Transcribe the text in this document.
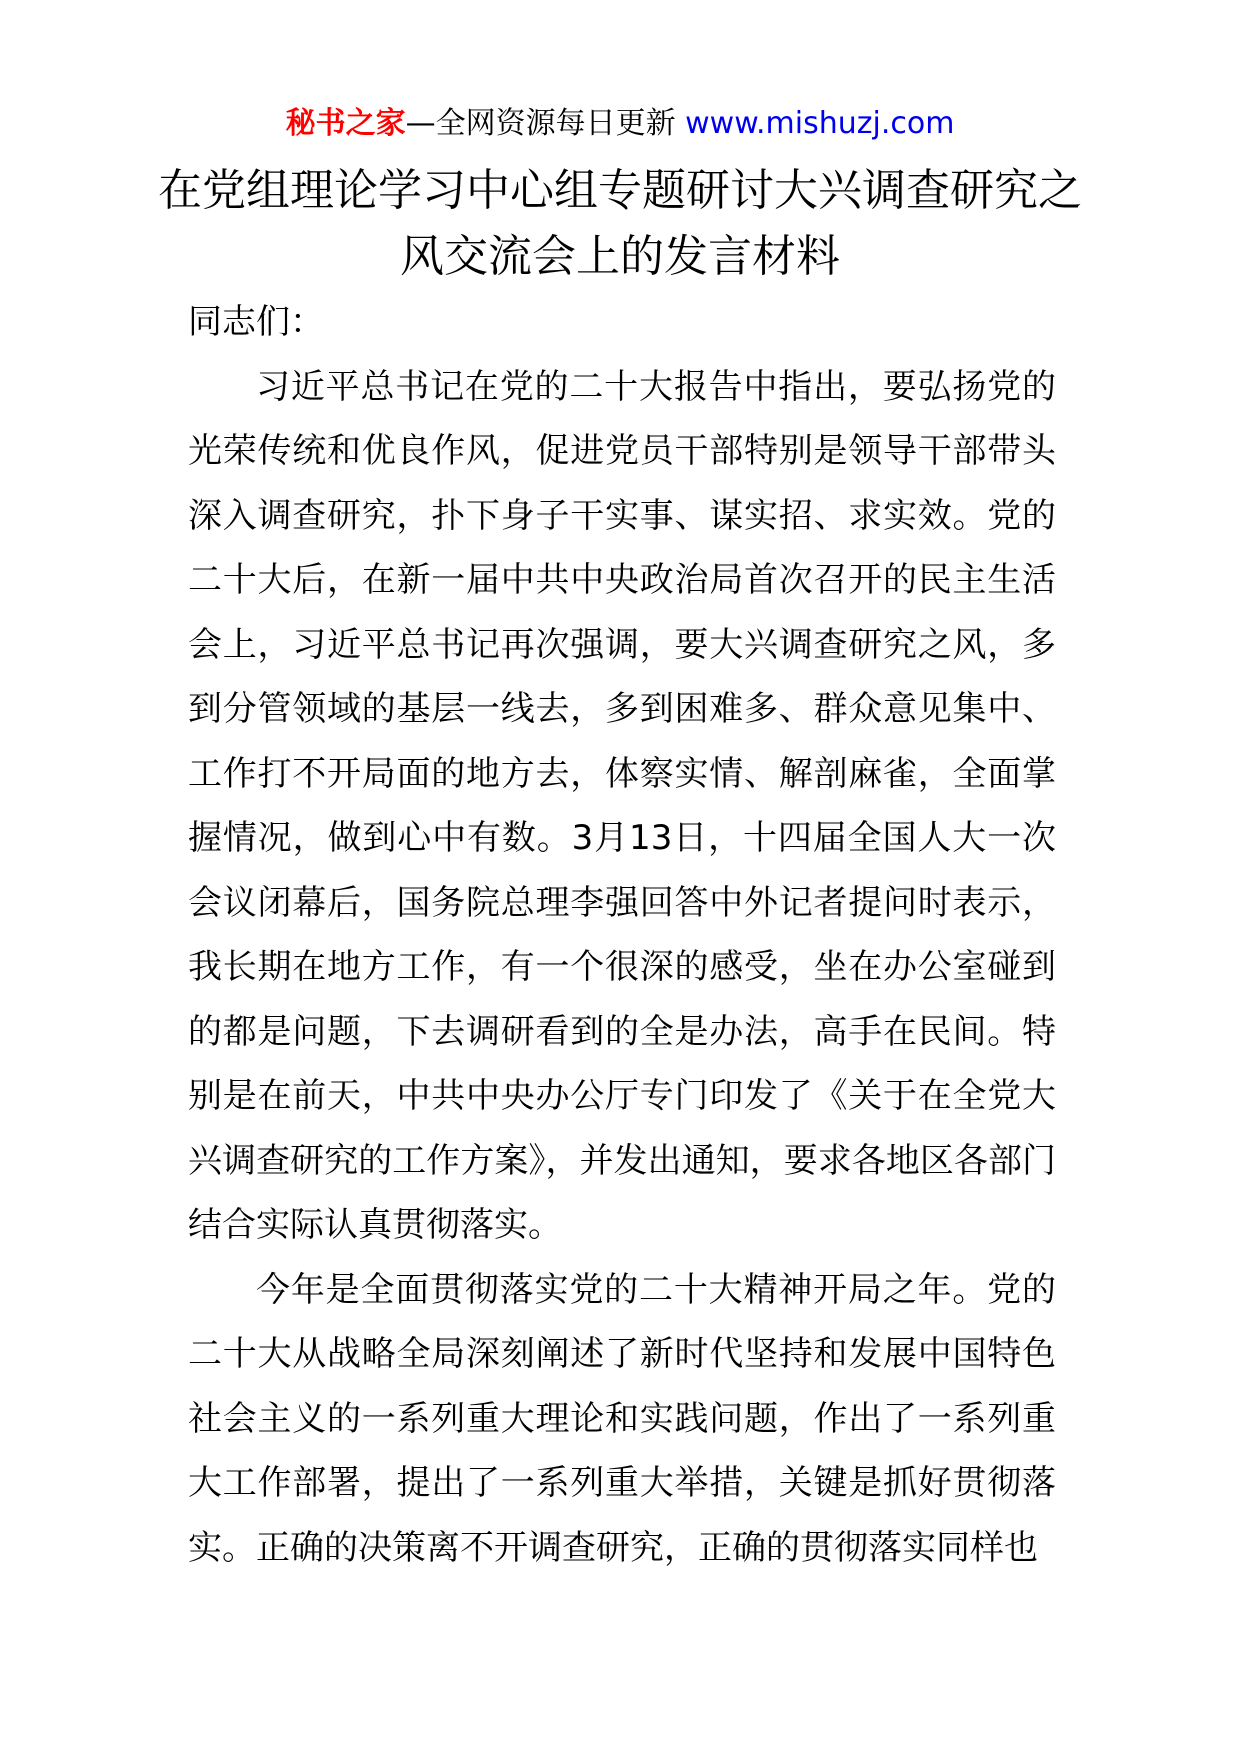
秘书之家—全网资源每日更新 www.mishuzj.com
在党组理论学习中心组专题研讨大兴调查研究之风交流会上的发言材料

同志们：

习近平总书记在党的二十大报告中指出，要弘扬党的光荣传统和优良作风，促进党员干部特别是领导干部带头深入调查研究，扑下身子干实事、谋实招、求实效。党的二十大后，在新一届中共中央政治局首次召开的民主生活会上，习近平总书记再次强调，要大兴调查研究之风，多到分管领域的基层一线去，多到困难多、群众意见集中、工作打不开局面的地方去，体察实情、解剖麻雀，全面掌握情况，做到心中有数。3月13日，十四届全国人大一次会议闭幕后，国务院总理李强回答中外记者提问时表示，我长期在地方工作，有一个很深的感受，坐在办公室碰到的都是问题，下去调研看到的全是办法，高手在民间。特别是在前天，中共中央办公厅专门印发了《关于在全党大兴调查研究的工作方案》，并发出通知，要求各地区各部门结合实际认真贯彻落实。

今年是全面贯彻落实党的二十大精神开局之年。党的二十大从战略全局深刻阐述了新时代坚持和发展中国特色社会主义的一系列重大理论和实践问题，作出了一系列重大工作部署，提出了一系列重大举措，关键是抓好贯彻落实。正确的决策离不开调查研究，正确的贯彻落实同样也
